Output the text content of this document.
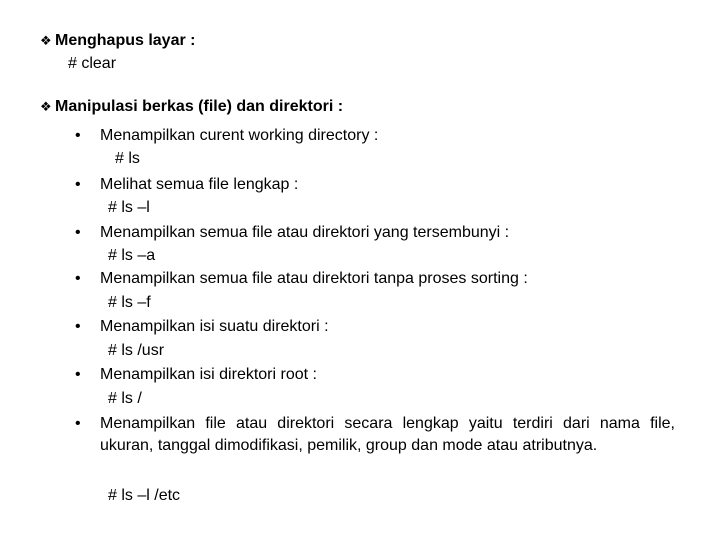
❖ Menghapus layar :
# clear
❖ Manipulasi berkas (file) dan direktori :
•	Menampilkan curent working directory :
# ls
•	Melihat semua file lengkap :
# ls –l
•	Menampilkan semua file atau direktori yang tersembunyi :
# ls –a
•	Menampilkan semua file atau direktori tanpa proses sorting :
# ls –f
•	Menampilkan isi suatu direktori :
# ls /usr
•	Menampilkan isi direktori root :
# ls /
•	Menampilkan file atau direktori secara lengkap yaitu terdiri dari nama file, ukuran, tanggal dimodifikasi, pemilik, group dan mode atau atributnya.
# ls –l /etc
